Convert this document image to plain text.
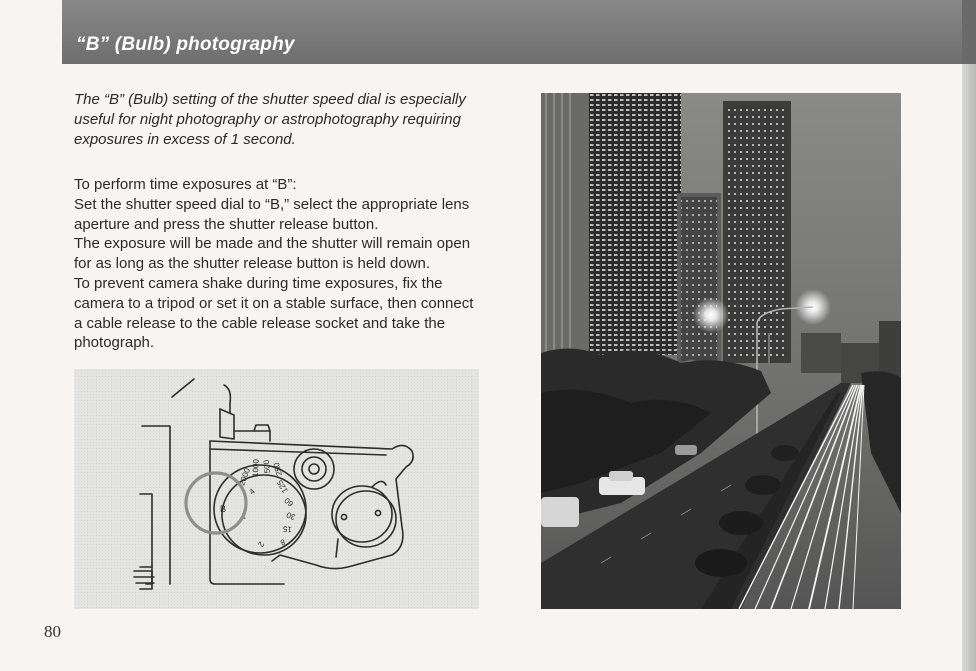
“B” (Bulb) photography
The “B” (Bulb) setting of the shutter speed dial is especially useful for night photography or astrophotography requiring exposures in excess of 1 second.

To perform time exposures at “B”:

Set the shutter speed dial to “B,” select the appropriate lens aperture and press the shutter release button.

The exposure will be made and the shutter will remain open for as long as the shutter release button is held down.

To prevent camera shake during time exposures, fix the camera to a tripod or set it on a stable surface, then connect a cable release to the cable release socket and take the photograph.

2000 1000 500 250
125
60
30
15
8
4
2
1
B
80
